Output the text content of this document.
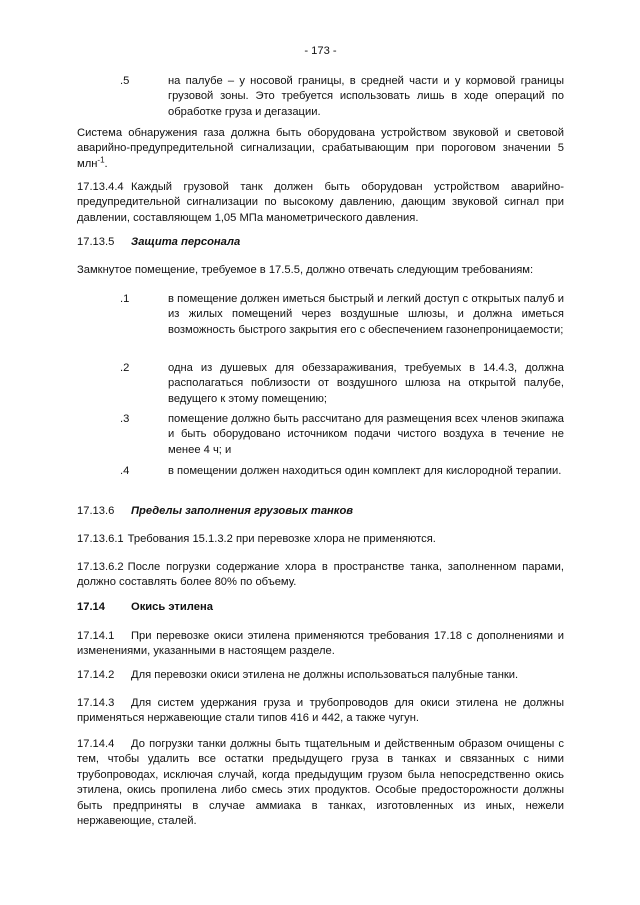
- 173 -
.5	на палубе – у носовой границы, в средней части и у кормовой границы грузовой зоны. Это требуется использовать лишь в ходе операций по обработке груза и дегазации.

Система обнаружения газа должна быть оборудована устройством звуковой и световой аварийно-предупредительной сигнализации, срабатывающим при пороговом значении 5 млн$^{-1}$.

17.13.4.4 Каждый грузовой танк должен быть оборудован устройством аварийно-предупредительной сигнализации по высокому давлению, дающим звуковой сигнал при давлении, составляющем 1,05 МПа манометрического давления.

17.13.5 Защита персонала

Замкнутое помещение, требуемое в 17.5.5, должно отвечать следующим требованиям:

.1	в помещение должен иметься быстрый и легкий доступ с открытых палуб и из жилых помещений через воздушные шлюзы, и должна иметься возможность быстрого закрытия его с обеспечением газонепроницаемости;
.2	одна из душевых для обеззараживания, требуемых в 14.4.3, должна располагаться поблизости от воздушного шлюза на открытой палубе, ведущего к этому помещению;
.3	помещение должно быть рассчитано для размещения всех членов экипажа и быть оборудовано источником подачи чистого воздуха в течение не менее 4 ч; и
.4	в помещении должен находиться один комплект для кислородной терапии.

17.13.6 Пределы заполнения грузовых танков

17.13.6.1 Требования 15.1.3.2 при перевозке хлора не применяются.

17.13.6.2 После погрузки содержание хлора в пространстве танка, заполненном парами, должно составлять более 80% по объему.

17.14 Окись этилена

17.14.1 При перевозке окиси этилена применяются требования 17.18 с дополнениями и изменениями, указанными в настоящем разделе.

17.14.2 Для перевозки окиси этилена не должны использоваться палубные танки.

17.14.3 Для систем удержания груза и трубопроводов для окиси этилена не должны применяться нержавеющие стали типов 416 и 442, а также чугун.

17.14.4 До погрузки танки должны быть тщательным и действенным образом очищены с тем, чтобы удалить все остатки предыдущего груза в танках и связанных с ними трубопроводах, исключая случай, когда предыдущим грузом была непосредственно окись этилена, окись пропилена либо смесь этих продуктов. Особые предосторожности должны быть предприняты в случае аммиака в танках, изготовленных из иных, нежели нержавеющие, сталей.
